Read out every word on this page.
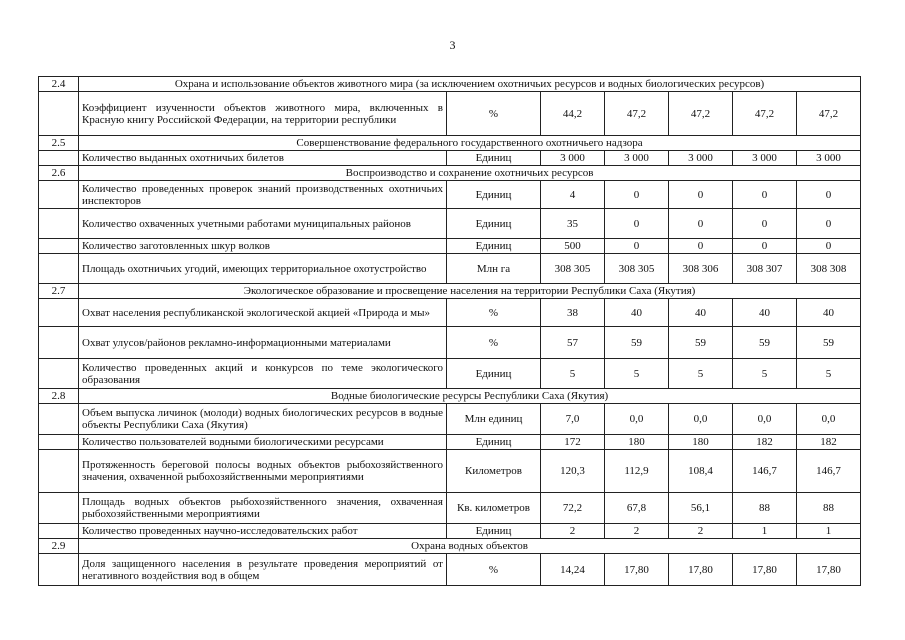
3
2.4	Охрана и использование объектов животного мира (за исключением охотничьих ресурсов и водных биологических ресурсов)						
	Коэффициент изученности объектов животного мира, включенных в Красную книгу Российской Федерации, на территории республики	%	44,2	47,2	47,2	47,2	47,2
2.5	Совершенствование федерального государственного охотничьего надзора						
	Количество выданных охотничьих билетов	Единиц	3 000	3 000	3 000	3 000	3 000
2.6	Воспроизводство и сохранение охотничьих ресурсов						
	Количество проведенных проверок знаний производственных охотничьих инспекторов	Единиц	4	0	0	0	0
	Количество охваченных учетными работами муниципальных районов	Единиц	35	0	0	0	0
	Количество заготовленных шкур волков	Единиц	500	0	0	0	0
	Площадь охотничьих угодий, имеющих территориальное охотустройство	Млн га	308 305	308 305	308 306	308 307	308 308
2.7	Экологическое образование и просвещение населения на территории Республики Саха (Якутия)						
	Охват населения республиканской экологической акцией «Природа и мы»	%	38	40	40	40	40
	Охват улусов/районов рекламно-информационными материалами	%	57	59	59	59	59
	Количество проведенных акций и конкурсов по теме экологического образования	Единиц	5	5	5	5	5
2.8	Водные биологические ресурсы Республики Саха (Якутия)						
	Объем выпуска личинок (молоди) водных биологических ресурсов в водные объекты Республики Саха (Якутия)	Млн единиц	7,0	0,0	0,0	0,0	0,0
	Количество пользователей водными биологическими ресурсами	Единиц	172	180	180	182	182
	Протяженность береговой полосы водных объектов рыбохозяйственного значения, охваченной рыбохозяйственными мероприятиями	Километров	120,3	112,9	108,4	146,7	146,7
	Площадь водных объектов рыбохозяйственного значения, охваченная рыбохозяйственными мероприятиями	Кв. километров	72,2	67,8	56,1	88	88
	Количество проведенных научно-исследовательских работ	Единиц	2	2	2	1	1
2.9	Охрана водных объектов						
	Доля защищенного населения в результате проведения мероприятий от негативного воздействия вод в общем	%	14,24	17,80	17,80	17,80	17,80
